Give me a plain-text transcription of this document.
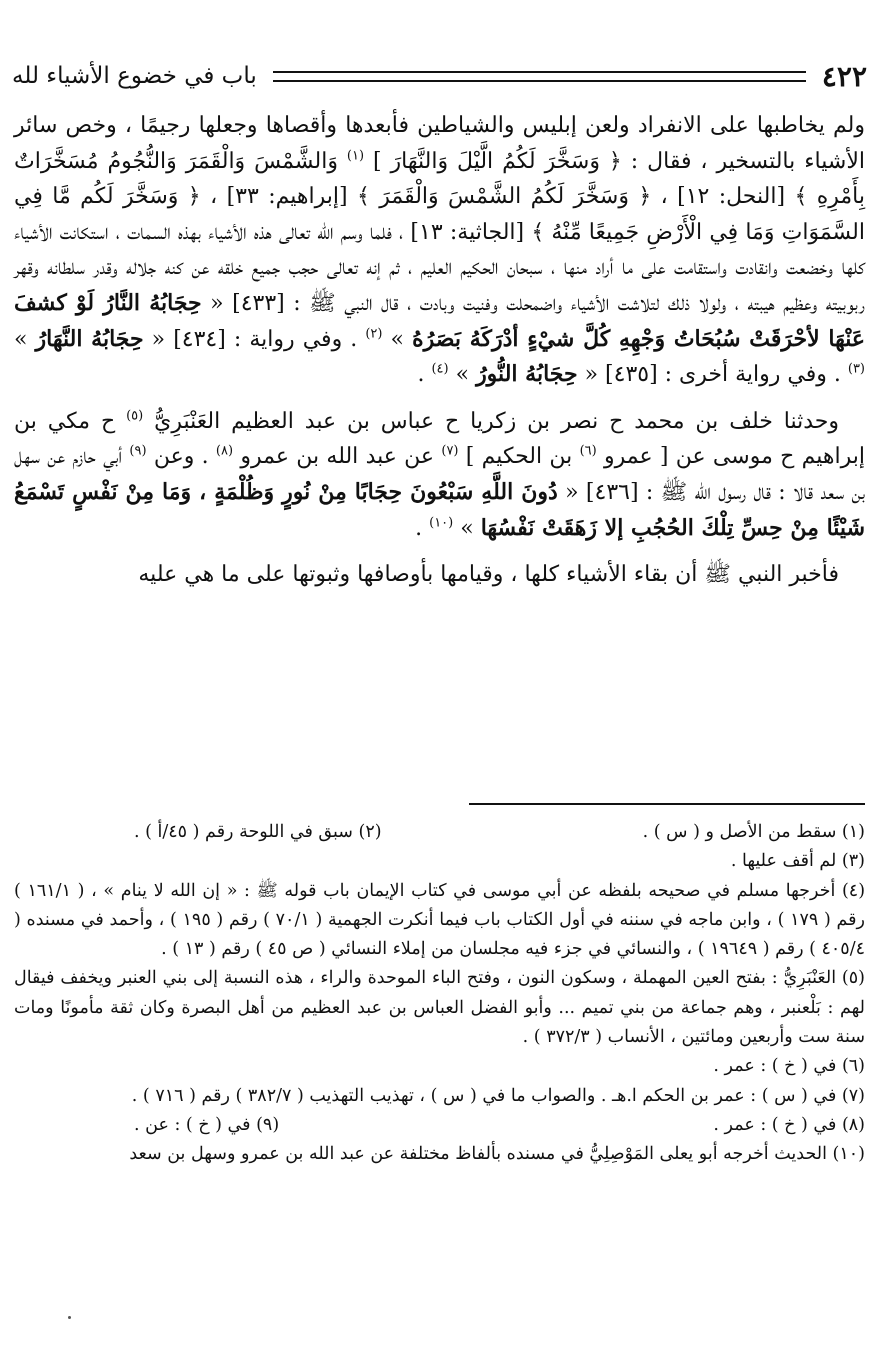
٤٢٢
باب في خضوع الأشياء لله

ولم يخاطبها على الانفراد ولعن إبليس والشياطين فأبعدها وأقصاها وجعلها رجيمًا ، وخص سائر الأشياء بالتسخير ، فقال : ﴿ وَسَخَّرَ لَكُمُ الَّيْلَ وَالنَّهَارَ ] $^{(١)}$ وَالشَّمْسَ وَالْقَمَرَ وَالنُّجُومُ مُسَخَّرَاتٌ بِأَمْرِهِ ﴾ [النحل: ١٢] ، ﴿ وَسَخَّرَ لَكُمُ الشَّمْسَ وَالْقَمَرَ ﴾ [إبراهيم: ٣٣] ، ﴿ وَسَخَّرَ لَكُم مَّا فِي السَّمَوَاتِ وَمَا فِي الْأَرْضِ جَمِيعًا مِّنْهُ ﴾ [الجاثية: ١٣] ، فلما وسم الله تعالى هذه الأشياء بهذه السمات ، استكانت الأشياء كلها وخضعت وانقادت واستقامت على ما أراد منها ، سبحان الحكيم العليم ، ثم إنه تعالى حجب جميع خلقه عن كنه جلاله وقدر سلطانه وقهر ربوبيته وعظيم هيبته ، ولولا ذلك لتلاشت الأشياء واضمحلت وفنيت وبادت ، قال النبي ﷺ : [٤٣٣] « حِجَابُهُ النَّارُ لَوْ كشفَ عَنْهَا لأحْرَقَتْ سُبُحَاتُ وَجْهِهِ كُلَّ شيْءٍ أدْرَكَهُ بَصَرُهُ » $^{(٢)}$ . وفي رواية : [٤٣٤] « حِجَابُهُ النَّهَارُ » $^{(٣)}$ . وفي رواية أخرى : [٤٣٥] « حِجَابُهُ النُّورُ » $^{(٤)}$ .

وحدثنا خلف بن محمد ح نصر بن زكريا ح عباس بن عبد العظيم العَنْبَرِيُّ $^{(٥)}$ ح مكي بن إبراهيم ح موسى عن [ عمرو $^{(٦)}$ بن الحكيم ] $^{(٧)}$ عن عبد الله بن عمرو $^{(٨)}$ . وعن $^{(٩)}$ أبي حازم عن سهل بن سعد قالا : قال رسول الله ﷺ : [٤٣٦] « دُونَ اللَّهِ سَبْعُونَ حِجَابًا مِنْ نُورٍ وَظُلْمَةٍ ، وَمَا مِنْ نَفْسٍ تَسْمَعُ شَيْئًا مِنْ حِسِّ تِلْكَ الحُجُبِ إلا زَهَقَتْ نَفْسُهَا » $^{(١٠)}$ .

فأخبر النبي ﷺ أن بقاء الأشياء كلها ، وقيامها بأوصافها وثبوتها على ما هي عليه

(١) سقط من الأصل و ( س ) .
(٢) سبق في اللوحة رقم ( ٤٥/أ ) .

(٣) لم أقف عليها .

(٤) أخرجها مسلم في صحيحه بلفظه عن أبي موسى في كتاب الإيمان باب قوله ﷺ : « إن الله لا ينام » ، ( ١٦١/١ ) رقم ( ١٧٩ ) ، وابن ماجه في سننه في أول الكتاب باب فيما أنكرت الجهمية ( ٧٠/١ ) رقم ( ١٩٥ ) ، وأحمد في مسنده ( ٤٠٥/٤ ) رقم ( ١٩٦٤٩ ) ، والنسائي في جزء فيه مجلسان من إملاء النسائي ( ص ٤٥ ) رقم ( ١٣ ) .

(٥) العَنْبَرِيُّ : بفتح العين المهملة ، وسكون النون ، وفتح الباء الموحدة والراء ، هذه النسبة إلى بني العنبر ويخفف فيقال لهم : بَلْعنبر ، وهم جماعة من بني تميم ... وأبو الفضل العباس بن عبد العظيم من أهل البصرة وكان ثقة مأمونًا ومات سنة ست وأربعين ومائتين ، الأنساب ( ٣٧٢/٣ ) .

(٦) في ( خ ) : عمر .

(٧) في ( س ) : عمر بن الحكم ا.هـ . والصواب ما في ( س ) ، تهذيب التهذيب ( ٣٨٢/٧ ) رقم ( ٧١٦ ) .

(٨) في ( خ ) : عمر .
(٩) في ( خ ) : عن .

(١٠) الحديث أخرجه أبو يعلى المَوْصِلِيُّ في مسنده بألفاظ مختلفة عن عبد الله بن عمرو وسهل بن سعد
